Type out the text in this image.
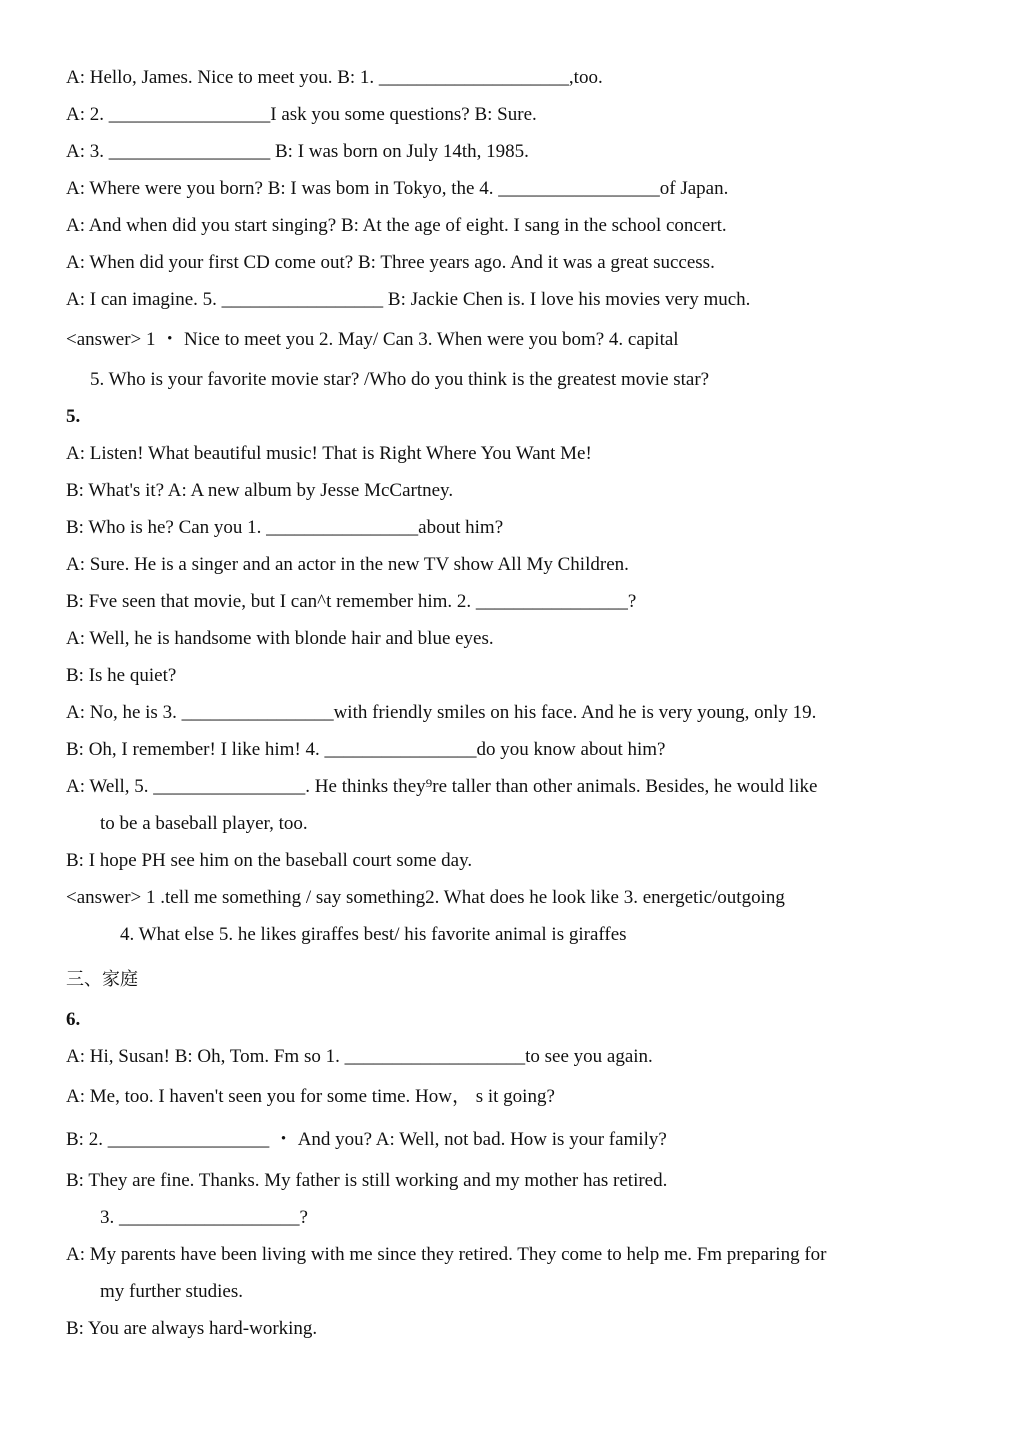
A: Hello, James. Nice to meet you. B: 1. ____________________,too.
A: 2. _________________I ask you some questions? B: Sure.
A: 3. _________________ B: I was born on July 14th, 1985.
A: Where were you born? B: I was bom in Tokyo, the 4. _________________of Japan.
A: And when did you start singing? B: At the age of eight. I sang in the school concert.
A: When did your first CD come out? B: Three years ago. And it was a great success.
A: I can imagine. 5. _________________ B: Jackie Chen is. I love his movies very much.
<answer> 1 ・ Nice to meet you 2. May/ Can 3. When were you bom? 4. capital
5. Who is your favorite movie star? /Who do you think is the greatest movie star?
5.
A: Listen! What beautiful music! That is Right Where You Want Me!
B: What's it? A: A new album by Jesse McCartney.
B: Who is he? Can you 1. ________________about him?
A: Sure. He is a singer and an actor in the new TV show All My Children.
B: Fve seen that movie, but I can^t remember him. 2. ________________?
A: Well, he is handsome with blonde hair and blue eyes.
B: Is he quiet?
A: No, he is 3. ________________with friendly smiles on his face. And he is very young, only 19.
B: Oh, I remember! I like him! 4. ________________do you know about him?
A: Well, 5. ________________. He thinks they⁹re taller than other animals. Besides, he would like
to be a baseball player, too.
B: I hope PH see him on the baseball court some day.
<answer> 1 .tell me something / say something2. What does he look like 3. energetic/outgoing
4. What else 5. he likes giraffes best/ his favorite animal is giraffes
三、家庭
6.
A: Hi, Susan! B: Oh, Tom. Fm so 1. ___________________to see you again.
A: Me, too. I haven't seen you for some time. How， s it going?
B: 2. _________________ ・ And you? A: Well, not bad. How is your family?
B: They are fine. Thanks. My father is still working and my mother has retired.
3. ___________________?
A: My parents have been living with me since they retired. They come to help me. Fm preparing for
my further studies.
B: You are always hard-working.
